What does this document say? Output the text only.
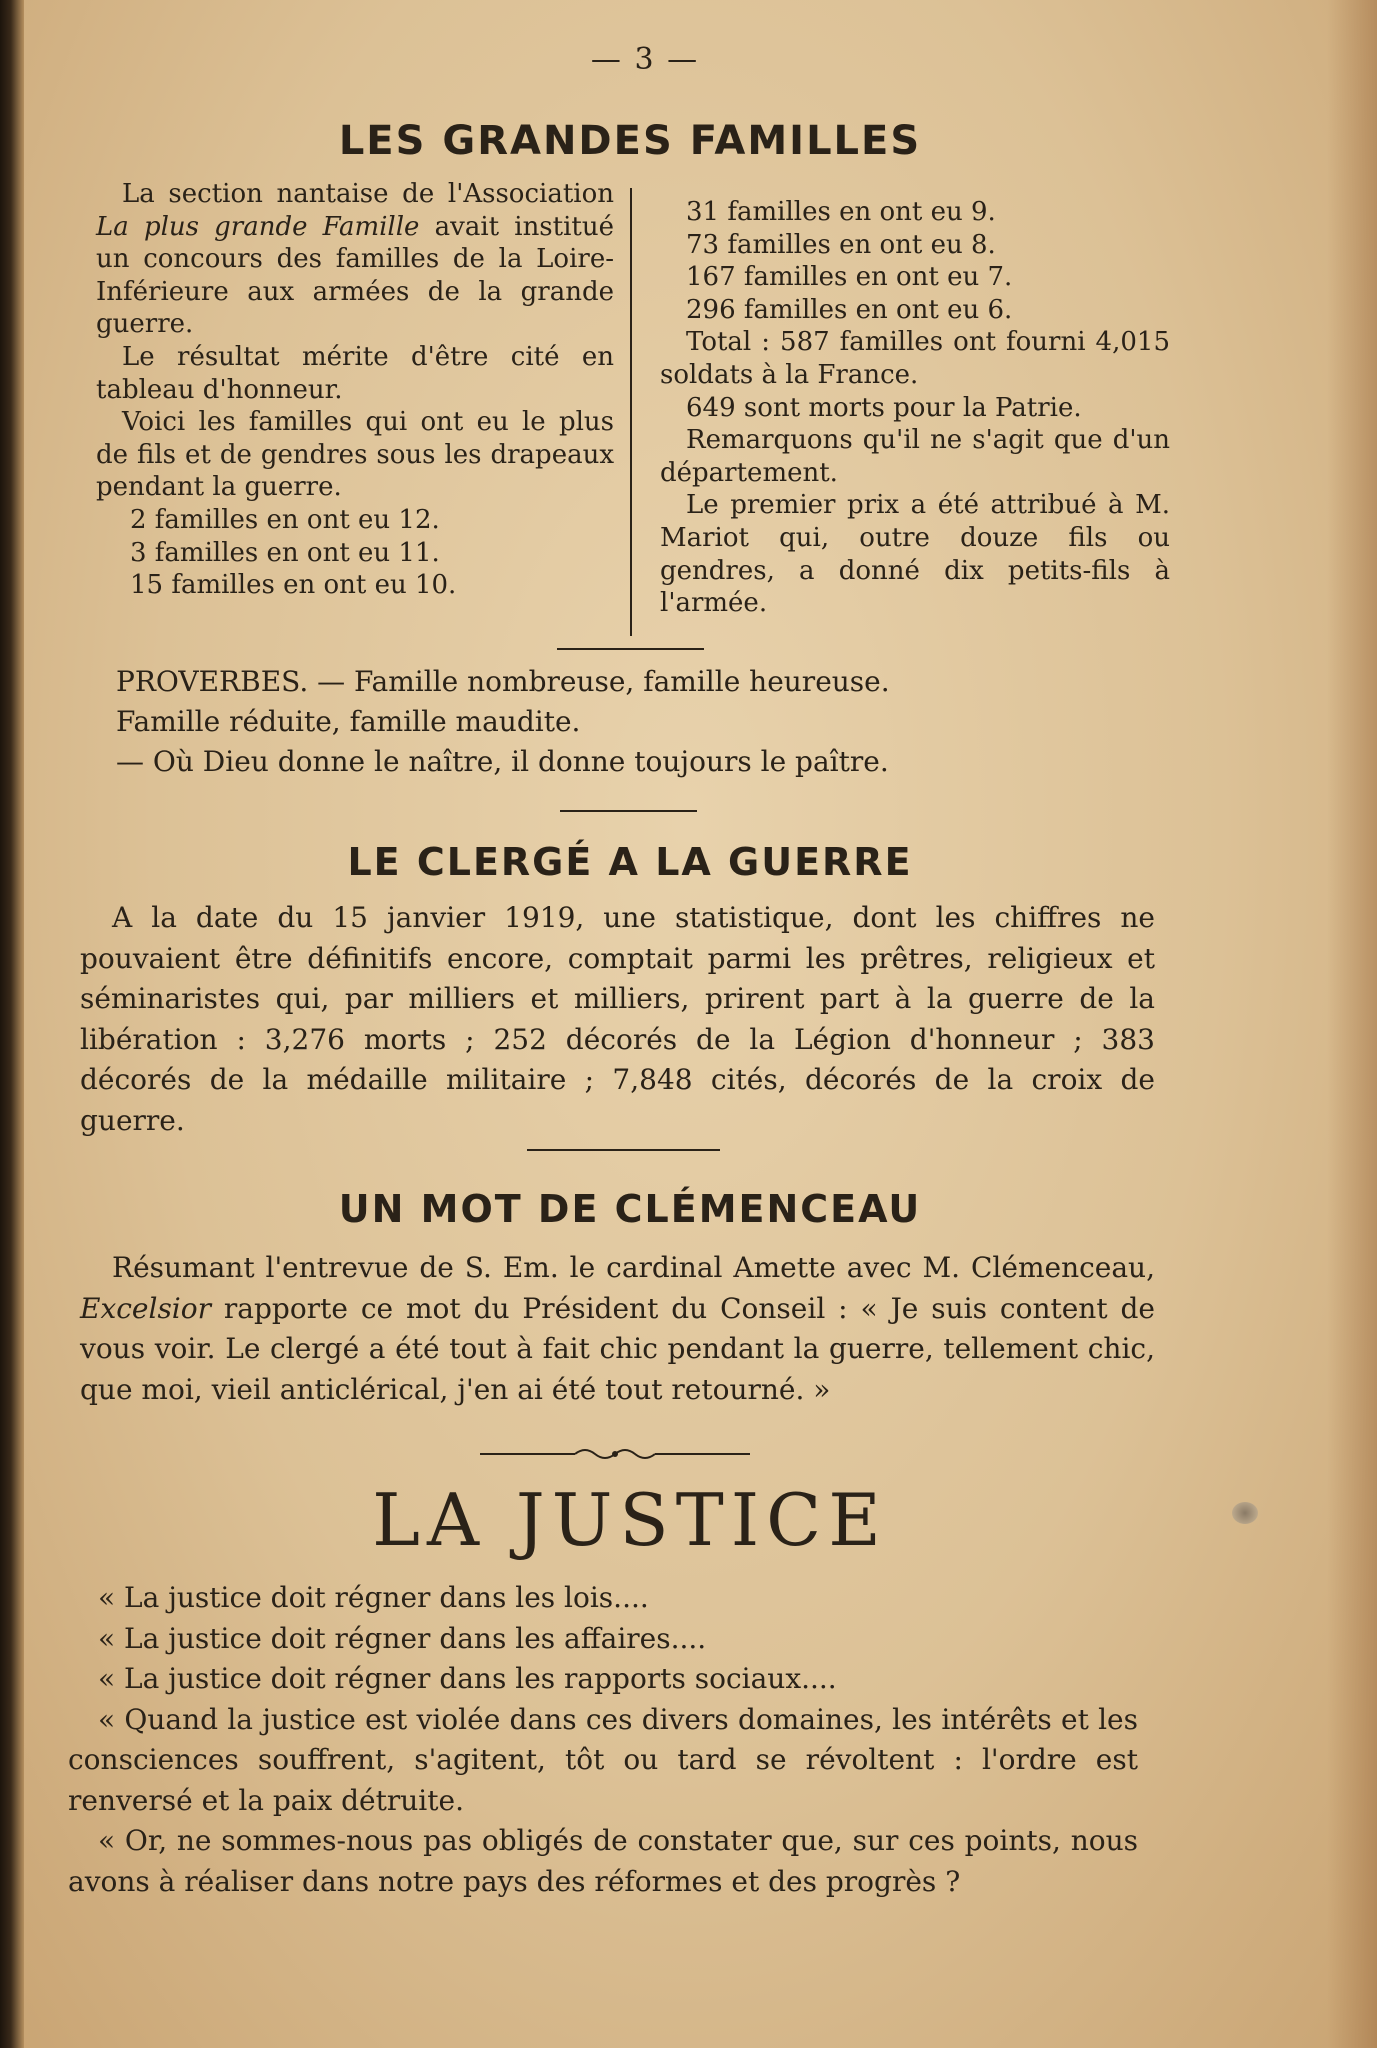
— 3 —
LES GRANDES FAMILLES

La section nantaise de l'Association La plus grande Famille avait institué un concours des familles de la Loire-Inférieure aux armées de la grande guerre.

Le résultat mérite d'être cité en tableau d'honneur.

Voici les familles qui ont eu le plus de fils et de gendres sous les drapeaux pendant la guerre.

2 familles en ont eu 12.

3 familles en ont eu 11.

15 familles en ont eu 10.

31 familles en ont eu 9.

73 familles en ont eu 8.

167 familles en ont eu 7.

296 familles en ont eu 6.

Total : 587 familles ont fourni 4,015 soldats à la France.

649 sont morts pour la Patrie.

Remarquons qu'il ne s'agit que d'un département.

Le premier prix a été attribué à M. Mariot qui, outre douze fils ou gendres, a donné dix petits-fils à l'armée.

PROVERBES. — Famille nombreuse, famille heureuse.

Famille réduite, famille maudite.

— Où Dieu donne le naître, il donne toujours le paître.

LE CLERGÉ A LA GUERRE

A la date du 15 janvier 1919, une statistique, dont les chiffres ne pouvaient être définitifs encore, comptait parmi les prêtres, religieux et séminaristes qui, par milliers et milliers, prirent part à la guerre de la libération : 3,276 morts ; 252 décorés de la Légion d'honneur ; 383 décorés de la médaille militaire ; 7,848 cités, décorés de la croix de guerre.

UN MOT DE CLÉMENCEAU

Résumant l'entrevue de S. Em. le cardinal Amette avec M. Clémenceau, Excelsior rapporte ce mot du Président du Conseil : « Je suis content de vous voir. Le clergé a été tout à fait chic pendant la guerre, tellement chic, que moi, vieil anticlérical, j'en ai été tout retourné. »

LA JUSTICE

« La justice doit régner dans les lois....

« La justice doit régner dans les affaires....

« La justice doit régner dans les rapports sociaux....

« Quand la justice est violée dans ces divers domaines, les intérêts et les consciences souffrent, s'agitent, tôt ou tard se révoltent : l'ordre est renversé et la paix détruite.

« Or, ne sommes-nous pas obligés de constater que, sur ces points, nous avons à réaliser dans notre pays des réformes et des progrès ?
